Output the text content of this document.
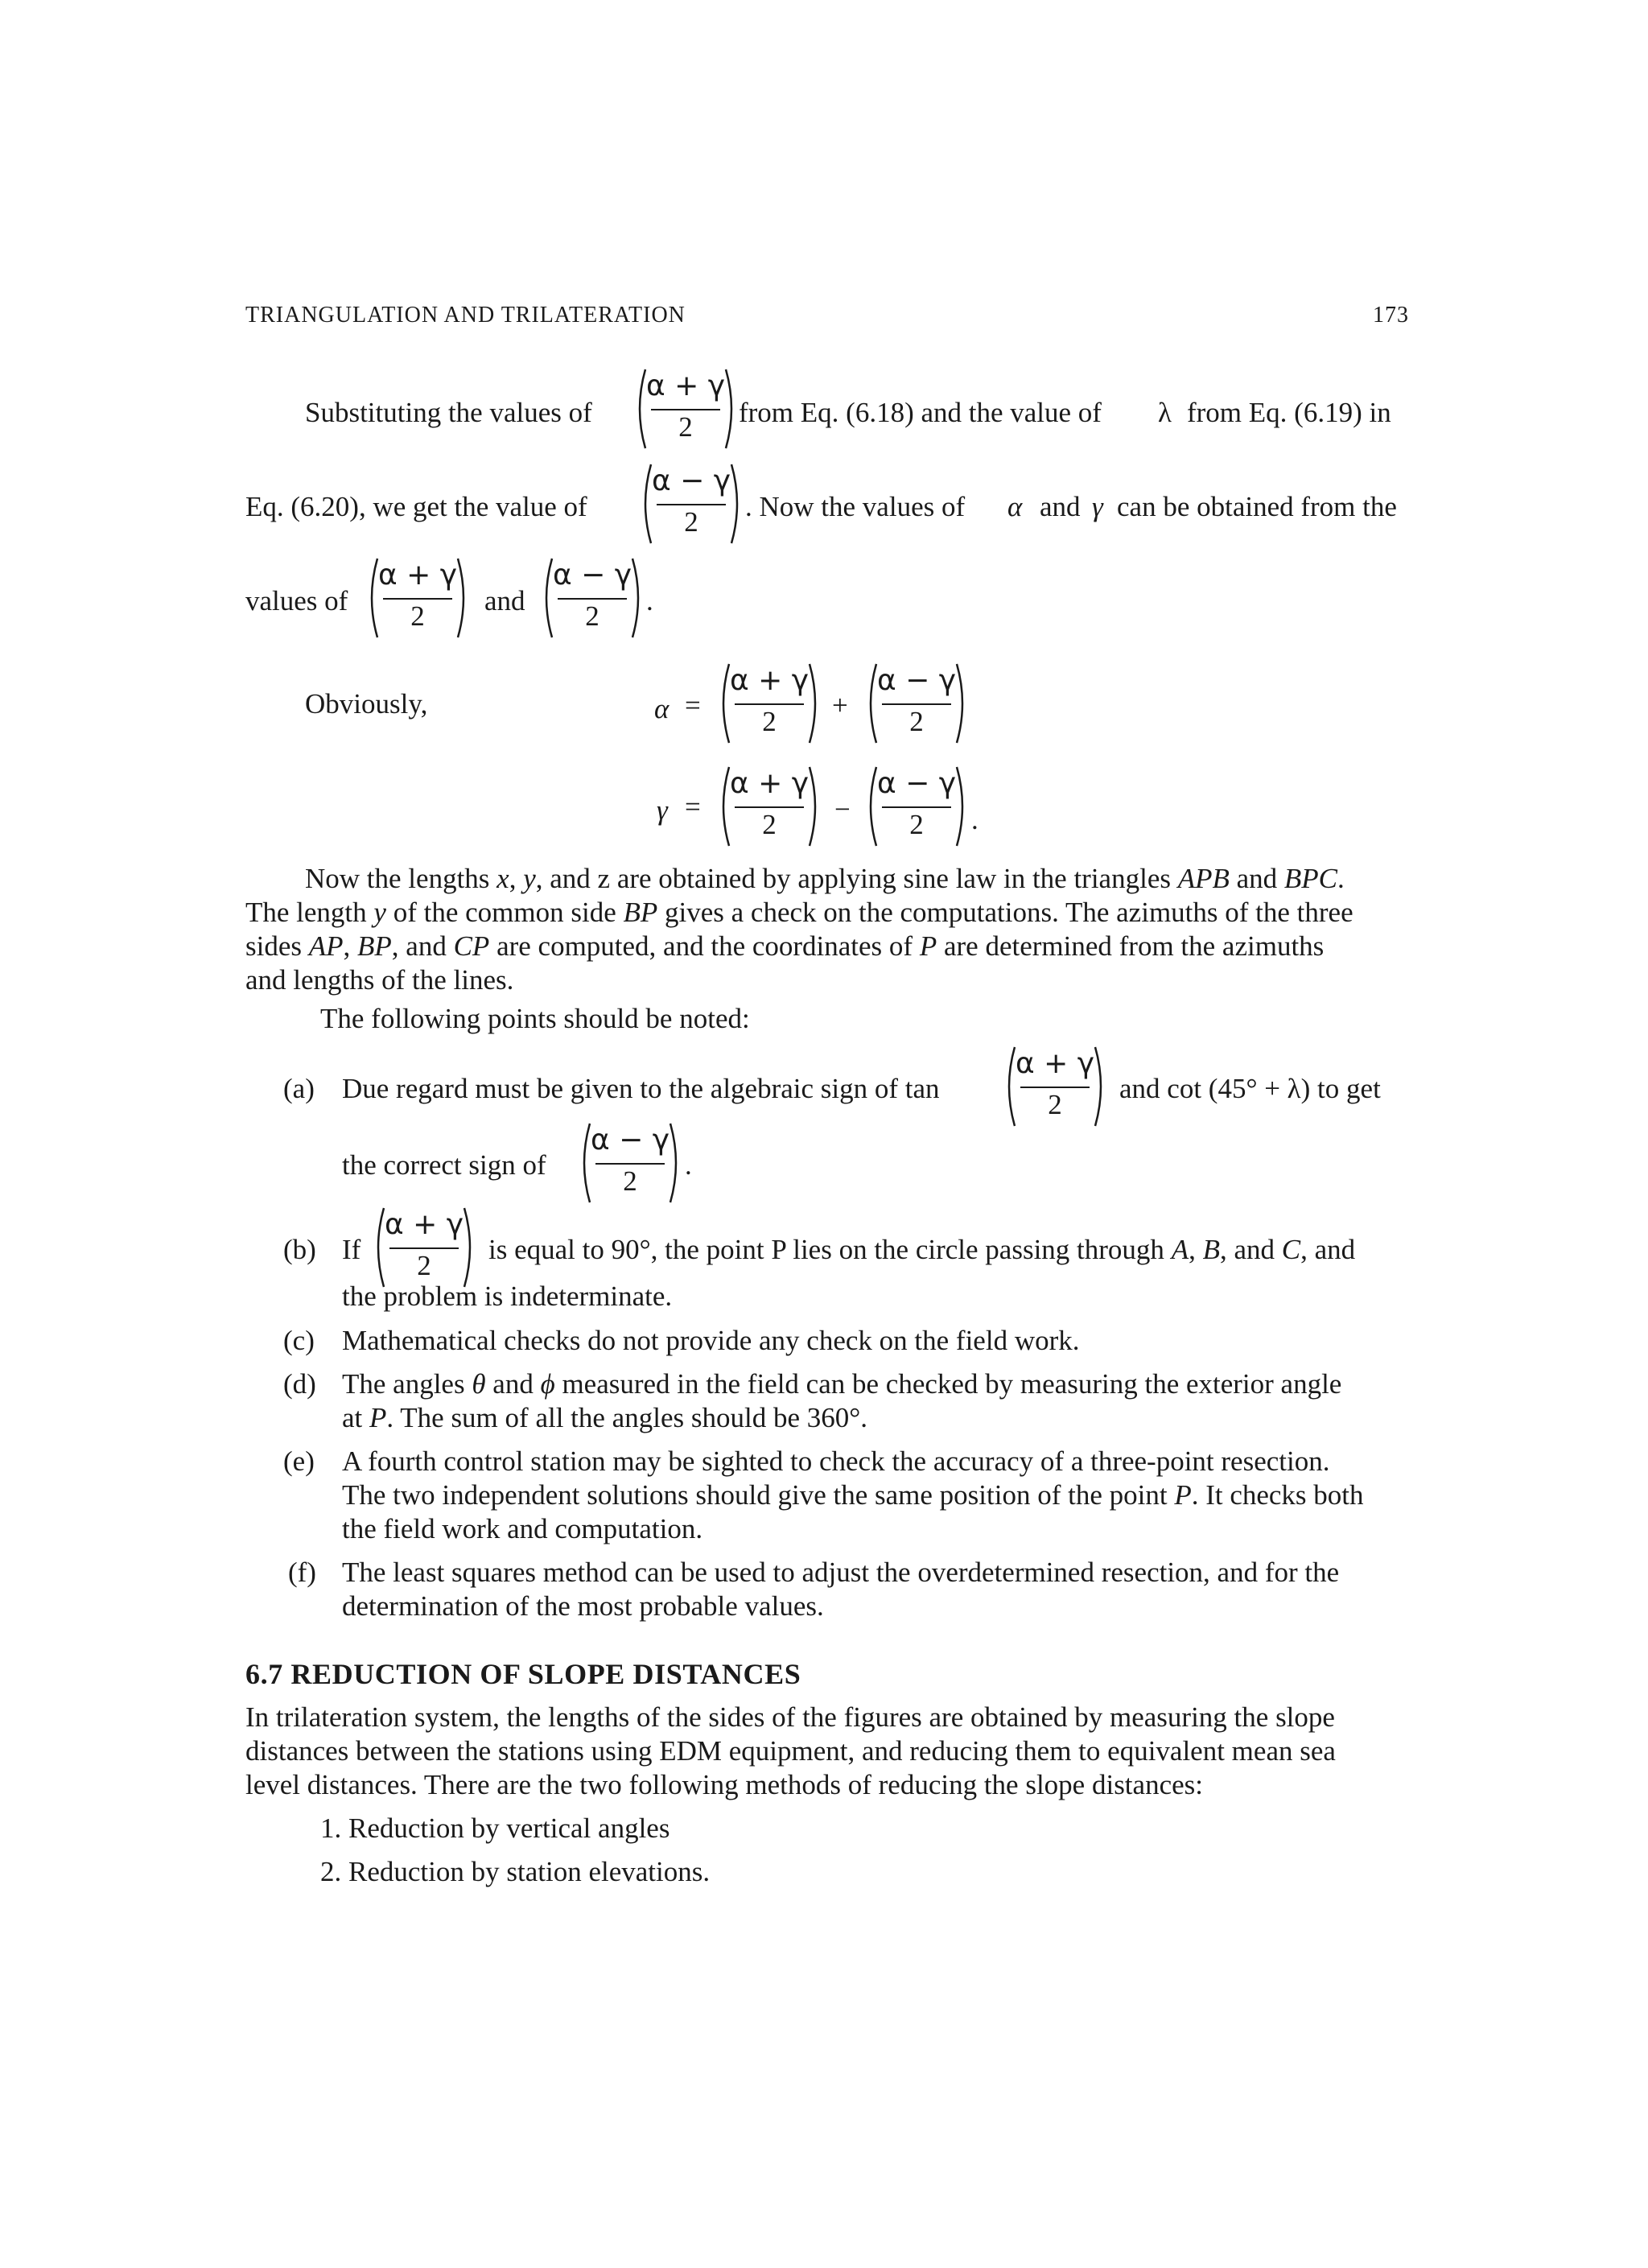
TRIANGULATION AND TRILATERATION	173
Substituting the values of
α + γ
2	from Eq. (6.18) and the value of λ from Eq. (6.19) in
Eq. (6.20), we get the value of
α − γ
2	. Now the values of α and γ can be obtained from the
values of
α + γ
2	and
α − γ
2	.
Obviously,	α =
α + γ
2
+
α − γ
2
γ =
α + γ
2	−
α − γ
2	.
Now the lengths x, y, and z are obtained by applying sine law in the triangles APB and BPC.
The length y of the common side BP gives a check on the computations. The azimuths of the three
sides AP, BP, and CP are computed, and the coordinates of P are determined from the azimuths
and lengths of the lines.
The following points should be noted:
(a) Due regard must be given to the algebraic sign of tan
α + γ
2
and cot (45° + λ) to get
the correct sign of
α − γ
2
.
(b) If
α + γ
2
is equal to 90°, the point P lies on the circle passing through A, B, and C, and
the problem is indeterminate.
(c) Mathematical checks do not provide any check on the field work.
(d) The angles θ and ϕ measured in the field can be checked by measuring the exterior angle
at P. The sum of all the angles should be 360°.
(e) A fourth control station may be sighted to check the accuracy of a three-point resection.
The two independent solutions should give the same position of the point P. It checks both
the field work and computation.
(f) The least squares method can be used to adjust the overdetermined resection, and for the
determination of the most probable values.
6.7 REDUCTION OF SLOPE DISTANCES
In trilateration system, the lengths of the sides of the figures are obtained by measuring the slope
distances between the stations using EDM equipment, and reducing them to equivalent mean sea
level distances. There are the two following methods of reducing the slope distances:
1. Reduction by vertical angles
2. Reduction by station elevations.
